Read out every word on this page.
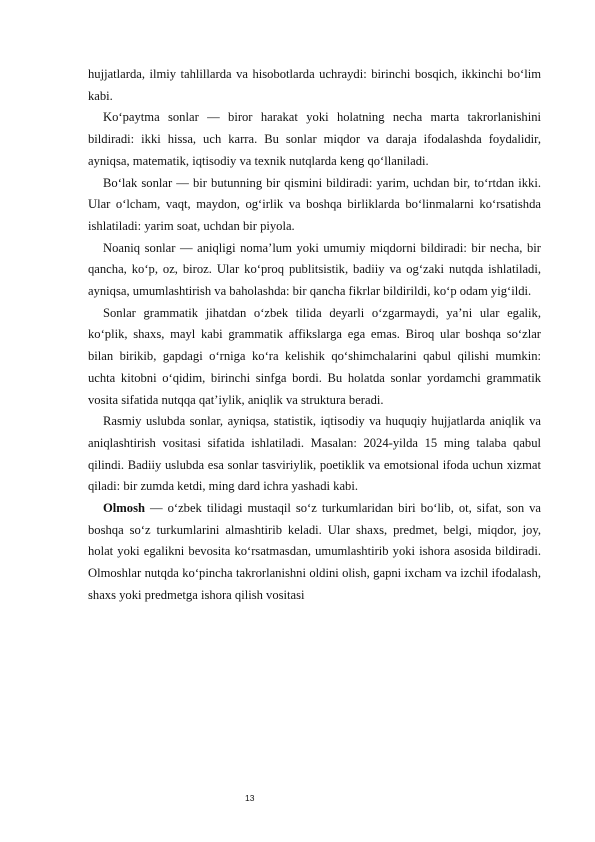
hujjatlarda, ilmiy tahlillarda va hisobotlarda uchraydi: birinchi bosqich, ikkinchi bo‘lim kabi.

Ko‘paytma sonlar — biror harakat yoki holatning necha marta takrorlanishini bildiradi: ikki hissa, uch karra. Bu sonlar miqdor va daraja ifodalashda foydalidir, ayniqsa, matematik, iqtisodiy va texnik nutqlarda keng qo‘llaniladi.

Bo‘lak sonlar — bir butunning bir qismini bildiradi: yarim, uchdan bir, to‘rtdan ikki. Ular o‘lcham, vaqt, maydon, og‘irlik va boshqa birliklarda bo‘linmalarni ko‘rsatishda ishlatiladi: yarim soat, uchdan bir piyola.

Noaniq sonlar — aniqligi noma’lum yoki umumiy miqdorni bildiradi: bir necha, bir qancha, ko‘p, oz, biroz. Ular ko‘proq publitsistik, badiiy va og‘zaki nutqda ishlatiladi, ayniqsa, umumlashtirish va baholashda: bir qancha fikrlar bildirildi, ko‘p odam yig‘ildi.

Sonlar grammatik jihatdan o‘zbek tilida deyarli o‘zgarmaydi, ya’ni ular egalik, ko‘plik, shaxs, mayl kabi grammatik affikslarga ega emas. Biroq ular boshqa so‘zlar bilan birikib, gapdagi o‘rniga ko‘ra kelishik qo‘shimchalarini qabul qilishi mumkin: uchta kitobni o‘qidim, birinchi sinfga bordi. Bu holatda sonlar yordamchi grammatik vosita sifatida nutqqa qat’iylik, aniqlik va struktura beradi.

Rasmiy uslubda sonlar, ayniqsa, statistik, iqtisodiy va huquqiy hujjatlarda aniqlik va aniqlashtirish vositasi sifatida ishlatiladi. Masalan: 2024-yilda 15 ming talaba qabul qilindi. Badiiy uslubda esa sonlar tasviriylik, poetiklik va emotsional ifoda uchun xizmat qiladi: bir zumda ketdi, ming dard ichra yashadi kabi.

Olmosh — o‘zbek tilidagi mustaqil so‘z turkumlaridan biri bo‘lib, ot, sifat, son va boshqa so‘z turkumlarini almashtirib keladi. Ular shaxs, predmet, belgi, miqdor, joy, holat yoki egalikni bevosita ko‘rsatmasdan, umumlashtirib yoki ishora asosida bildiradi. Olmoshlar nutqda ko‘pincha takrorlanishni oldini olish, gapni ixcham va izchil ifodalash, shaxs yoki predmetga ishora qilish vositasi

13
